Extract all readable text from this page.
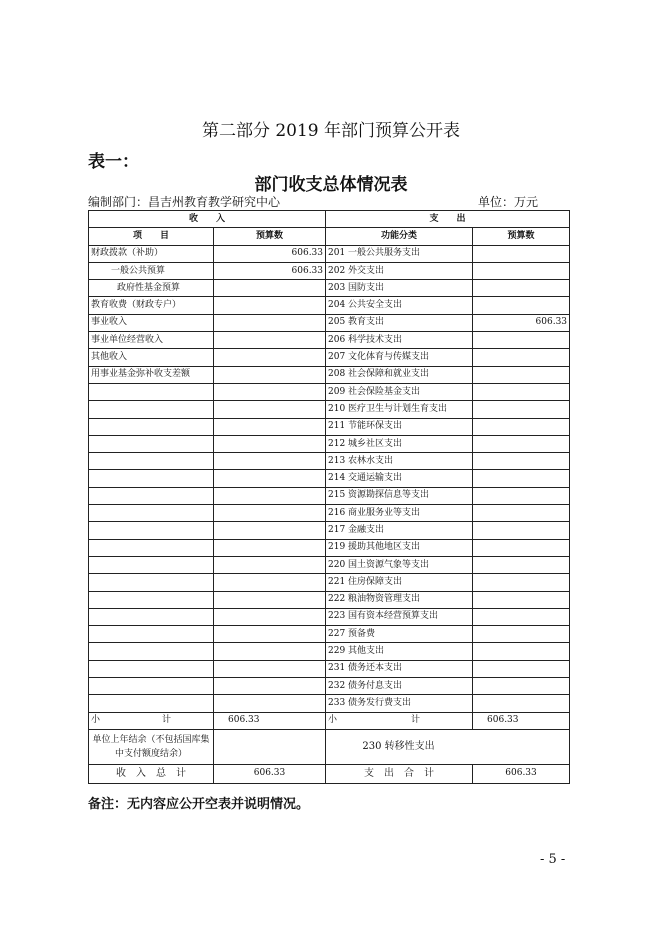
第二部分 2019 年部门预算公开表
表一：
部门收支总体情况表
编制部门：昌吉州教育教学研究中心	单位：万元
收　　入		支　　出	
项　　目	预算数	功能分类	预算数
财政拨款（补助）	606.33	201 一般公共服务支出	
一般公共预算	606.33	202 外交支出	
政府性基金预算		203 国防支出	
教育收费（财政专户）		204 公共安全支出	
事业收入		205 教育支出	606.33
事业单位经营收入		206 科学技术支出	
其他收入		207 文化体育与传媒支出	
用事业基金弥补收支差额		208 社会保障和就业支出	
		209 社会保险基金支出	
		210 医疗卫生与计划生育支出	
		211 节能环保支出	
		212 城乡社区支出	
		213 农林水支出	
		214 交通运输支出	
		215 资源勘探信息等支出	
		216 商业服务业等支出	
		217 金融支出	
		219 援助其他地区支出	
		220 国土资源气象等支出	
		221 住房保障支出	
		222 粮油物资管理支出	
		223 国有资本经营预算支出	
		227 预备费	
		229 其他支出	
		231 债务还本支出	
		232 债务付息支出	
		233 债务发行费支出	

小 计	606.33	小 计	606.33
单位上年结余（不包括国库集中支付额度结余）		230 转移性支出	
收　入　总　计	606.33	支　出　合　计	606.33
备注：无内容应公开空表并说明情况。
- 5 -
